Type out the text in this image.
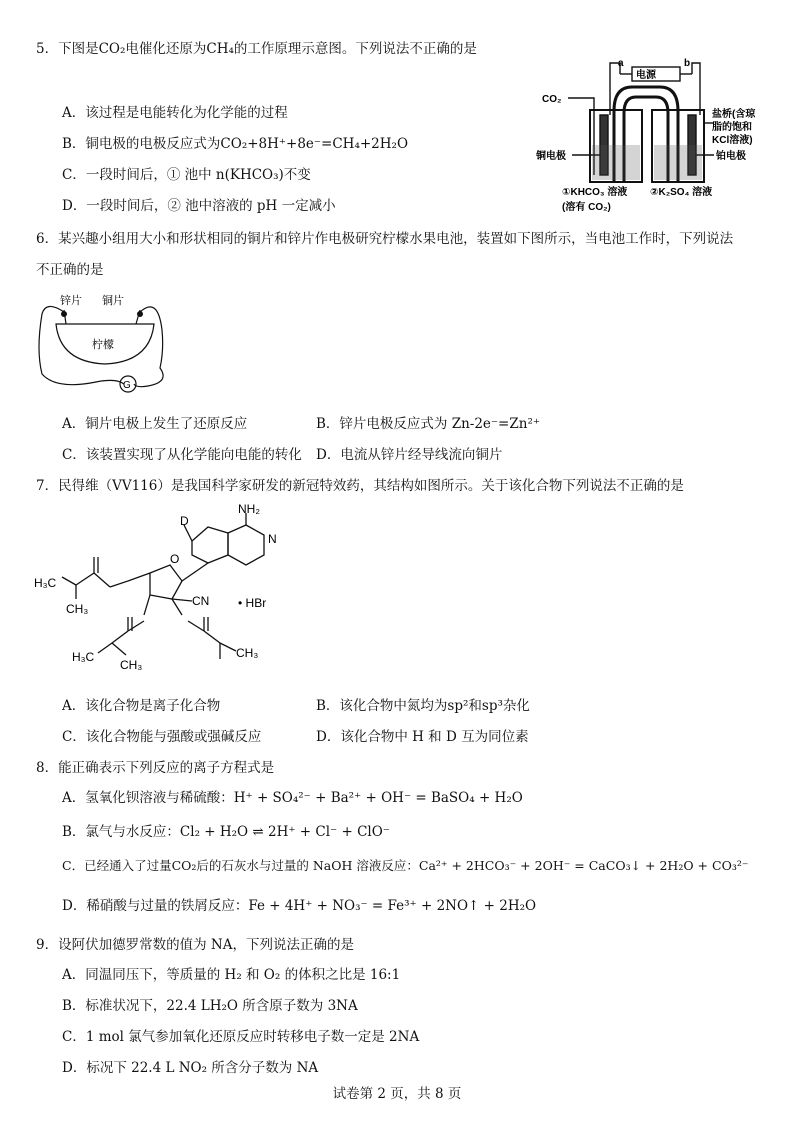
5．下图是CO₂电催化还原为CH₄的工作原理示意图。下列说法不正确的是
A．该过程是电能转化为化学能的过程
B．铜电极的电极反应式为CO₂+8H⁺+8e⁻=CH₄+2H₂O
C．一段时间后，① 池中 n(KHCO₃)不变
D．一段时间后，② 池中溶液的 pH 一定减小
a	b
电源
CO₂
盐桥(含琼
脂的饱和
KCl溶液)
铜电极	铂电极
①KHCO₃ 溶液
(溶有 CO₂)
②K₂SO₄ 溶液
6．某兴趣小组用大小和形状相同的铜片和锌片作电极研究柠檬水果电池，装置如下图所示，当电池工作时，下列说法
不正确的是
锌片 铜片
柠檬
G
A．铜片电极上发生了还原反应	B．锌片电极反应式为 Zn-2e⁻=Zn²⁺
C．该装置实现了从化学能向电能的转化 D．电流从锌片经导线流向铜片
7．民得维（VV116）是我国科学家研发的新冠特效药，其结构如图所示。关于该化合物下列说法不正确的是
D
NH₂
N
O
CN • HBr
H₃C
CH₃
H₃C
CH₃
CH₃
A．该化合物是离子化合物	B．该化合物中氮均为sp²和sp³杂化
C．该化合物能与强酸或强碱反应	D．该化合物中 H 和 D 互为同位素
8．能正确表示下列反应的离子方程式是
A．氢氧化钡溶液与稀硫酸：H⁺ + SO₄²⁻ + Ba²⁺ + OH⁻ = BaSO₄ + H₂O
B．氯气与水反应：Cl₂ + H₂O ⇌ 2H⁺ + Cl⁻ + ClO⁻
C．已经通入了过量CO₂后的石灰水与过量的 NaOH 溶液反应：Ca²⁺ + 2HCO₃⁻ + 2OH⁻ = CaCO₃↓ + 2H₂O + CO₃²⁻
D．稀硝酸与过量的铁屑反应：Fe + 4H⁺ + NO₃⁻ = Fe³⁺ + 2NO↑ + 2H₂O
9．设阿伏加德罗常数的值为 NA，下列说法正确的是
A．同温同压下，等质量的 H₂ 和 O₂ 的体积之比是 16:1
B．标准状况下，22.4 LH₂O 所含原子数为 3NA
C．1 mol 氯气参加氧化还原反应时转移电子数一定是 2NA
D．标况下 22.4 L NO₂ 所含分子数为 NA
试卷第 2 页，共 8 页
